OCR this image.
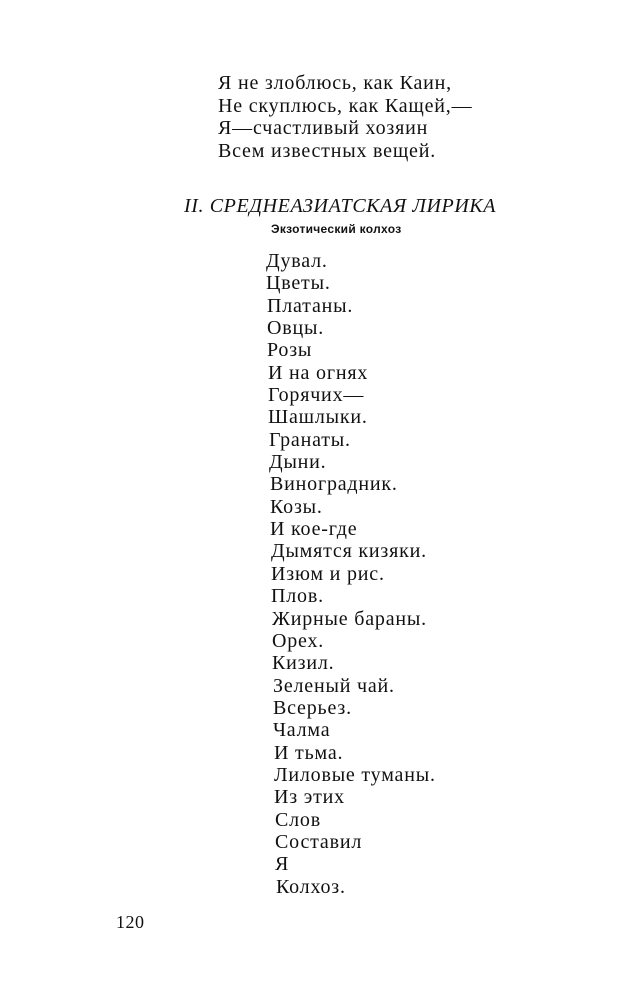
Я не злоблюсь, как Каин,
Не скуплюсь, как Кащей,—
Я—счастливый хозяин
Всем известных вещей.
II. СРЕДНЕАЗИАТСКАЯ ЛИРИКА
Экзотический колхоз
Дувал.
Цветы.
Платаны.
Овцы.
Розы
И на огнях
Горячих—
Шашлыки.
Гранаты.
Дыни.
Виноградник.
Козы.
И кое-где
Дымятся кизяки.
Изюм и рис.
Плов.
Жирные бараны.
Орех.
Кизил.
Зеленый чай.
Всерьез.
Чалма
И тьма.
Лиловые туманы.
Из этих
Слов
Составил
Я
Колхоз.
120
